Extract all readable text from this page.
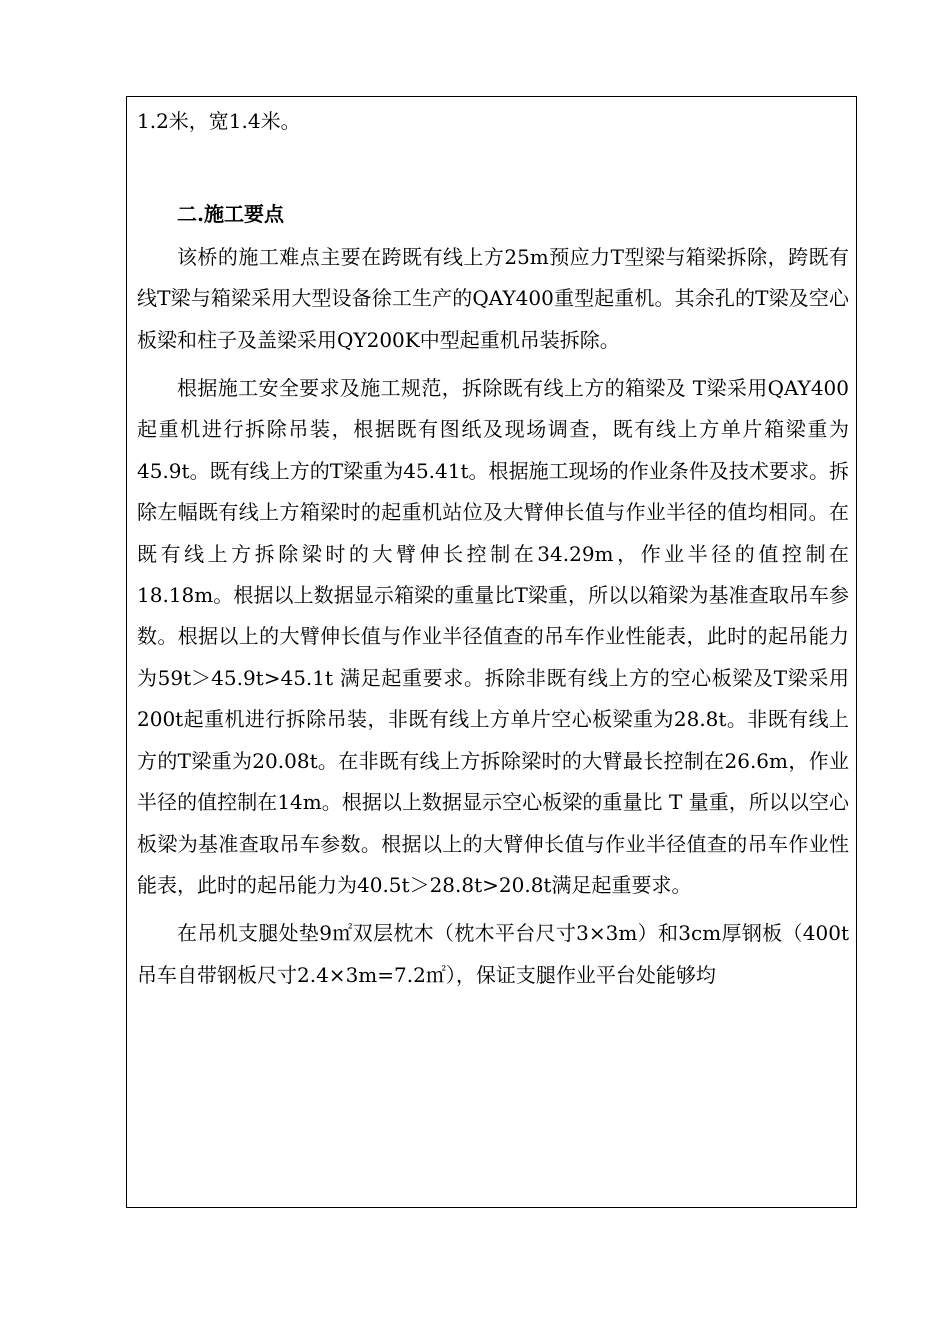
1.2米，宽1.4米。

二.施工要点

该桥的施工难点主要在跨既有线上方25m预应力T型梁与箱梁拆除，跨既有线T梁与箱梁采用大型设备徐工生产的QAY400重型起重机。其余孔的T梁及空心板梁和柱子及盖梁采用QY200K中型起重机吊装拆除。

根据施工安全要求及施工规范，拆除既有线上方的箱梁及 T梁采用QAY400起重机进行拆除吊装，根据既有图纸及现场调查，既有线上方单片箱梁重为45.9t。既有线上方的T梁重为45.41t。根据施工现场的作业条件及技术要求。拆除左幅既有线上方箱梁时的起重机站位及大臂伸长值与作业半径的值均相同。在既有线上方拆除梁时的大臂伸长控制在34.29m，作业半径的值控制在18.18m。根据以上数据显示箱梁的重量比T梁重，所以以箱梁为基准查取吊车参数。根据以上的大臂伸长值与作业半径值查的吊车作业性能表，此时的起吊能力为59t＞45.9t>45.1t 满足起重要求。拆除非既有线上方的空心板梁及T梁采用200t起重机进行拆除吊装，非既有线上方单片空心板梁重为28.8t。非既有线上方的T梁重为20.08t。在非既有线上方拆除梁时的大臂最长控制在26.6m，作业半径的值控制在14m。根据以上数据显示空心板梁的重量比 T 量重，所以以空心板梁为基准查取吊车参数。根据以上的大臂伸长值与作业半径值查的吊车作业性能表，此时的起吊能力为40.5t＞28.8t>20.8t满足起重要求。

在吊机支腿处垫9㎡双层枕木（枕木平台尺寸3×3m）和3cm厚钢板（400t吊车自带钢板尺寸2.4×3m=7.2㎡），保证支腿作业平台处能够均
